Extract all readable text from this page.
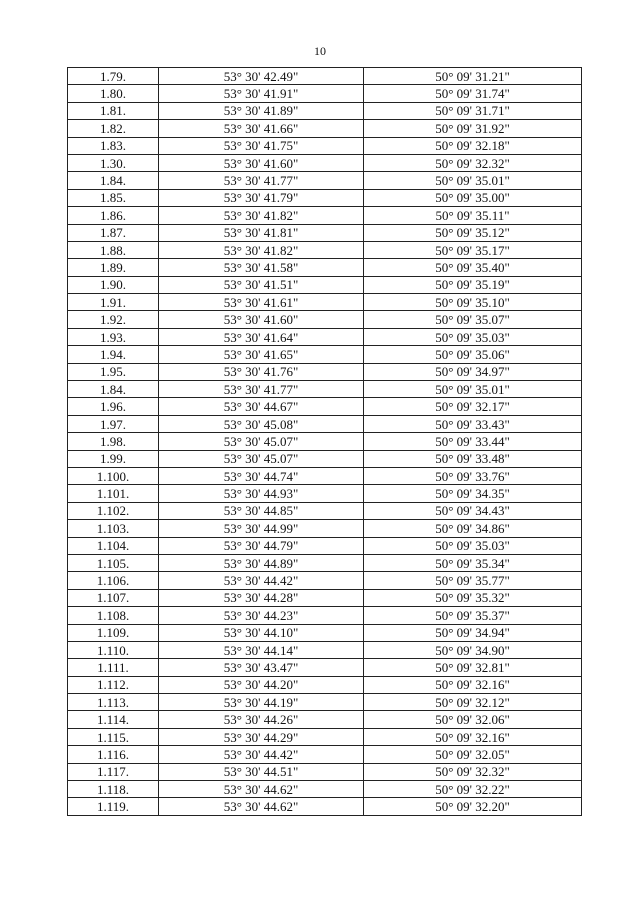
10
1.79.	53° 30' 42.49"	50° 09' 31.21"
1.80.	53° 30' 41.91"	50° 09' 31.74"
1.81.	53° 30' 41.89"	50° 09' 31.71"
1.82.	53° 30' 41.66"	50° 09' 31.92"
1.83.	53° 30' 41.75"	50° 09' 32.18"
1.30.	53° 30' 41.60"	50° 09' 32.32"
1.84.	53° 30' 41.77"	50° 09' 35.01"
1.85.	53° 30' 41.79"	50° 09' 35.00"
1.86.	53° 30' 41.82"	50° 09' 35.11"
1.87.	53° 30' 41.81"	50° 09' 35.12"
1.88.	53° 30' 41.82"	50° 09' 35.17"
1.89.	53° 30' 41.58"	50° 09' 35.40"
1.90.	53° 30' 41.51"	50° 09' 35.19"
1.91.	53° 30' 41.61"	50° 09' 35.10"
1.92.	53° 30' 41.60"	50° 09' 35.07"
1.93.	53° 30' 41.64"	50° 09' 35.03"
1.94.	53° 30' 41.65"	50° 09' 35.06"
1.95.	53° 30' 41.76"	50° 09' 34.97"
1.84.	53° 30' 41.77"	50° 09' 35.01"
1.96.	53° 30' 44.67"	50° 09' 32.17"
1.97.	53° 30' 45.08"	50° 09' 33.43"
1.98.	53° 30' 45.07"	50° 09' 33.44"
1.99.	53° 30' 45.07"	50° 09' 33.48"
1.100.	53° 30' 44.74"	50° 09' 33.76"
1.101.	53° 30' 44.93"	50° 09' 34.35"
1.102.	53° 30' 44.85"	50° 09' 34.43"
1.103.	53° 30' 44.99"	50° 09' 34.86"
1.104.	53° 30' 44.79"	50° 09' 35.03"
1.105.	53° 30' 44.89"	50° 09' 35.34"
1.106.	53° 30' 44.42"	50° 09' 35.77"
1.107.	53° 30' 44.28"	50° 09' 35.32"
1.108.	53° 30' 44.23"	50° 09' 35.37"
1.109.	53° 30' 44.10"	50° 09' 34.94"
1.110.	53° 30' 44.14"	50° 09' 34.90"
1.111.	53° 30' 43.47"	50° 09' 32.81"
1.112.	53° 30' 44.20"	50° 09' 32.16"
1.113.	53° 30' 44.19"	50° 09' 32.12"
1.114.	53° 30' 44.26"	50° 09' 32.06"
1.115.	53° 30' 44.29"	50° 09' 32.16"
1.116.	53° 30' 44.42"	50° 09' 32.05"
1.117.	53° 30' 44.51"	50° 09' 32.32"
1.118.	53° 30' 44.62"	50° 09' 32.22"
1.119.	53° 30' 44.62"	50° 09' 32.20"
